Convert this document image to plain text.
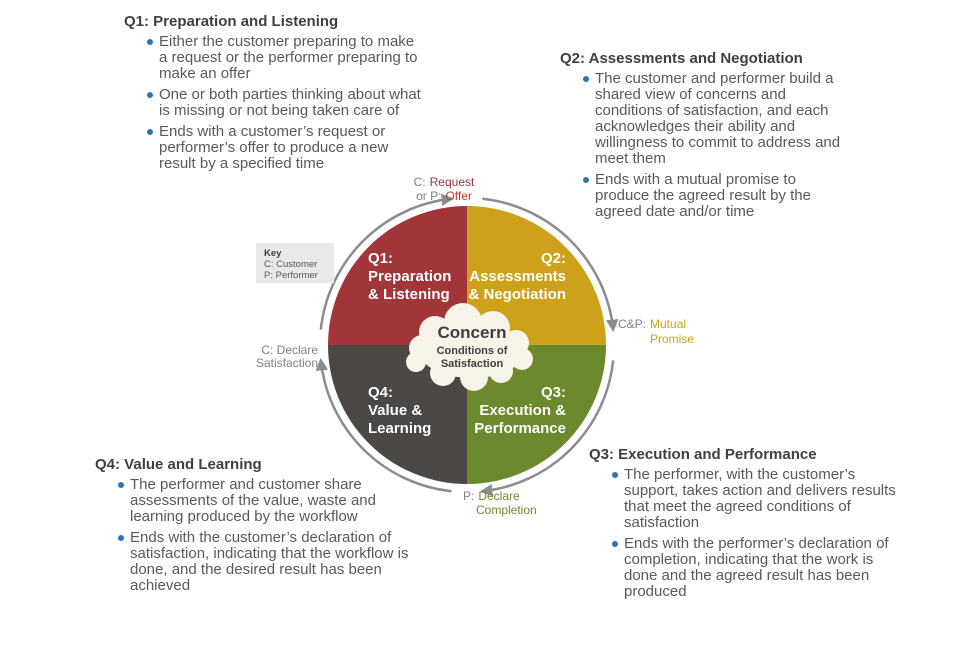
Q1: Preparation and Listening
Either the customer preparing to make a request or the performer preparing to make an offer
One or both parties thinking about what is missing or not being taken care of
Ends with a customer’s request or performer’s offer to produce a new result by a specified time
Q2: Assessments and Negotiation
The customer and performer build a shared view of concerns and conditions of satisfaction, and each acknowledges their ability and willingness to commit to address and meet them
Ends with a mutual promise to produce the agreed result by the agreed date and/or time
Q4: Value and Learning
The performer and customer share assessments of the value, waste and learning produced by the workflow
Ends with the customer’s declaration of satisfaction, indicating that the workflow is done, and the desired result has been achieved
Q3: Execution and Performance
The performer, with the customer’s support, takes action and delivers results that meet the agreed conditions of satisfaction
Ends with the performer’s declaration of completion, indicating that the work is done and the agreed result has been produced
Q1:
Preparation
& Listening
Q2:
Assessments
& Negotiation
Q4:
Value &
Learning
Q3:
Execution &
Performance
Concern
Conditions of
Satisfaction
C: Request
or P: Offer
C&P: Mutual
Promise
P: Declare
Completion
C: Declare
Satisfaction
Key
C: Customer
P: Performer
